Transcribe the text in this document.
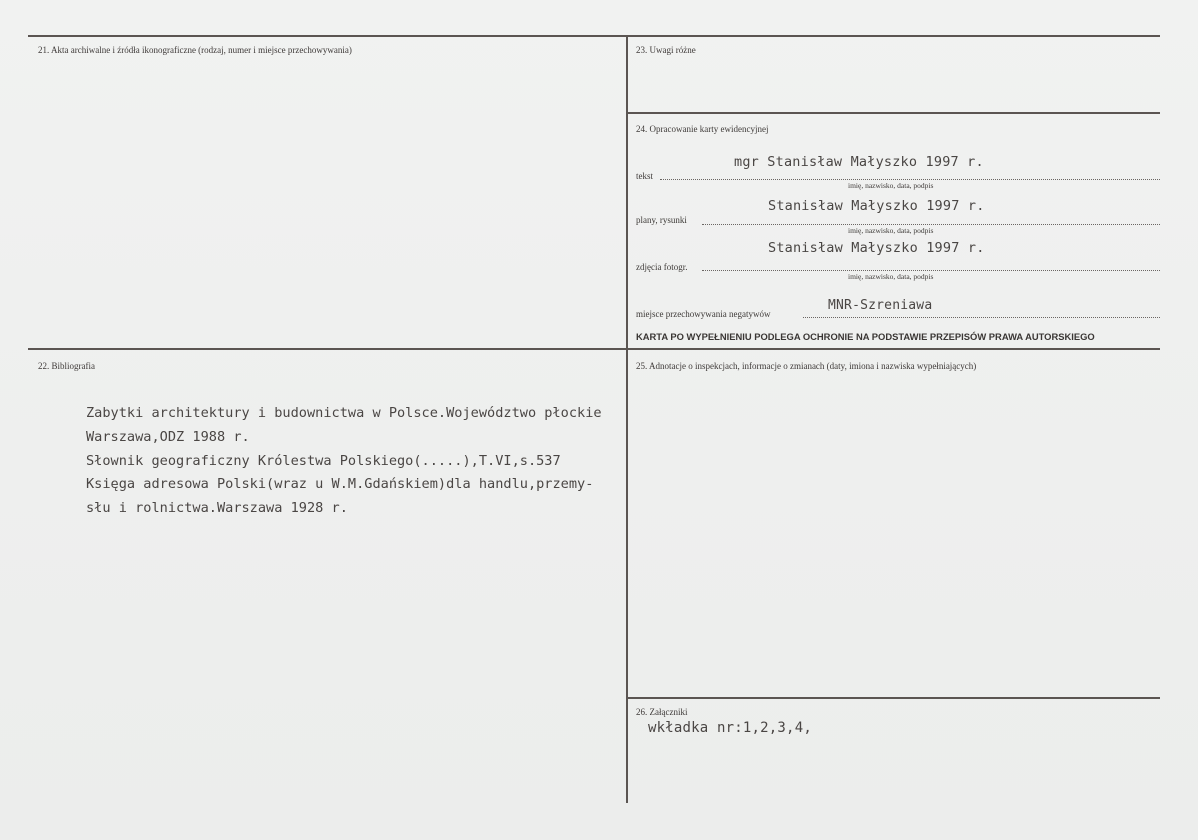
21. Akta archiwalne i źródła ikonograficzne (rodzaj, numer i miejsce przechowywania)	23. Uwagi różne
24. Opracowanie karty ewidencyjnej
tekst
mgr Stanisław Małyszko 1997 r.
imię, nazwisko, data, podpis
plany, rysunki
Stanisław Małyszko 1997 r.
imię, nazwisko, data, podpis
zdjęcia fotogr.
Stanisław Małyszko 1997 r.
imię, nazwisko, data, podpis
miejsce przechowywania negatywów
MNR-Szreniawa
KARTA PO WYPEŁNIENIU PODLEGA OCHRONIE NA PODSTAWIE PRZEPISÓW PRAWA AUTORSKIEGO
22. Bibliografia
Zabytki architektury i budownictwa w Polsce.Województwo płockie
Warszawa,ODZ 1988 r.
Słownik geograficzny Królestwa Polskiego(.....),T.VI,s.537
Księga adresowa Polski(wraz u W.M.Gdańskiem)dla handlu,przemy-
słu i rolnictwa.Warszawa 1928 r.
25. Adnotacje o inspekcjach, informacje o zmianach (daty, imiona i nazwiska wypełniających)
26. Załączniki
wkładka nr:1,2,3,4,
